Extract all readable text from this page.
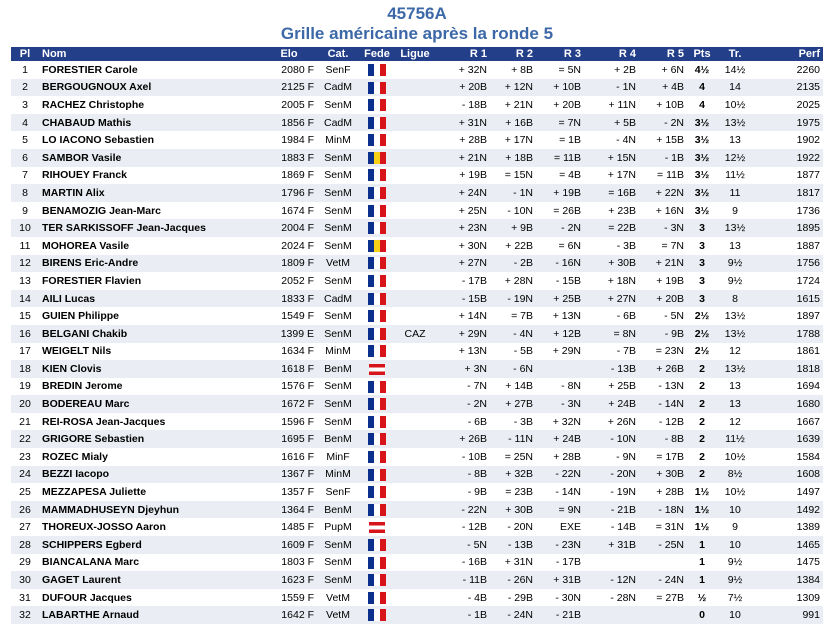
45756A
Grille américaine après la ronde 5
Pl	Nom	Elo	Cat.	Fede	Ligue	R 1	R 2	R 3	R 4	R 5	Pts	Tr.	Perf
1	FORESTIER Carole	2080 F	SenF			+ 32N	+ 8B	= 5N	+ 2B	+ 6N	4½	14½	2260
2	BERGOUGNOUX Axel	2125 F	CadM			+ 20B	+ 12N	+ 10B	- 1N	+ 4B	4	14	2135
3	RACHEZ Christophe	2005 F	SenM			- 18B	+ 21N	+ 20B	+ 11N	+ 10B	4	10½	2025
4	CHABAUD Mathis	1856 F	CadM			+ 31N	+ 16B	= 7N	+ 5B	- 2N	3½	13½	1975
5	LO IACONO Sebastien	1984 F	MinM			+ 28B	+ 17N	= 1B	- 4N	+ 15B	3½	13	1902
6	SAMBOR Vasile	1883 F	SenM			+ 21N	+ 18B	= 11B	+ 15N	- 1B	3½	12½	1922
7	RIHOUEY Franck	1869 F	SenM			+ 19B	= 15N	= 4B	+ 17N	= 11B	3½	11½	1877
8	MARTIN Alix	1796 F	SenM			+ 24N	- 1N	+ 19B	= 16B	+ 22N	3½	11	1817
9	BENAMOZIG Jean-Marc	1674 F	SenM			+ 25N	- 10N	= 26B	+ 23B	+ 16N	3½	9	1736
10	TER SARKISSOFF Jean-Jacques	2004 F	SenM			+ 23N	+ 9B	- 2N	= 22B	- 3N	3	13½	1895
11	MOHOREA Vasile	2024 F	SenM			+ 30N	+ 22B	= 6N	- 3B	= 7N	3	13	1887
12	BIRENS Eric-Andre	1809 F	VetM			+ 27N	- 2B	- 16N	+ 30B	+ 21N	3	9½	1756
13	FORESTIER Flavien	2052 F	SenM			- 17B	+ 28N	- 15B	+ 18N	+ 19B	3	9½	1724
14	AILI Lucas	1833 F	CadM			- 15B	- 19N	+ 25B	+ 27N	+ 20B	3	8	1615
15	GUIEN Philippe	1549 F	SenM			+ 14N	= 7B	+ 13N	- 6B	- 5N	2½	13½	1897
16	BELGANI Chakib	1399 E	SenM		CAZ	+ 29N	- 4N	+ 12B	= 8N	- 9B	2½	13½	1788
17	WEIGELT Nils	1634 F	MinM			+ 13N	- 5B	+ 29N	- 7B	= 23N	2½	12	1861
18	KIEN Clovis	1618 F	BenM			+ 3N	- 6N		- 13B	+ 26B	2	13½	1818
19	BREDIN Jerome	1576 F	SenM			- 7N	+ 14B	- 8N	+ 25B	- 13N	2	13	1694
20	BODEREAU Marc	1672 F	SenM			- 2N	+ 27B	- 3N	+ 24B	- 14N	2	13	1680
21	REI-ROSA Jean-Jacques	1596 F	SenM			- 6B	- 3B	+ 32N	+ 26N	- 12B	2	12	1667
22	GRIGORE Sebastien	1695 F	BenM			+ 26B	- 11N	+ 24B	- 10N	- 8B	2	11½	1639
23	ROZEC Mialy	1616 F	MinF			- 10B	= 25N	+ 28B	- 9N	= 17B	2	10½	1584
24	BEZZI Iacopo	1367 F	MinM			- 8B	+ 32B	- 22N	- 20N	+ 30B	2	8½	1608
25	MEZZAPESA Juliette	1357 F	SenF			- 9B	= 23B	- 14N	- 19N	+ 28B	1½	10½	1497
26	MAMMADHUSEYN Djeyhun	1364 F	BenM			- 22N	+ 30B	= 9N	- 21B	- 18N	1½	10	1492
27	THOREUX-JOSSO Aaron	1485 F	PupM			- 12B	- 20N	EXE	- 14B	= 31N	1½	9	1389
28	SCHIPPERS Egberd	1609 F	SenM			- 5N	- 13B	- 23N	+ 31B	- 25N	1	10	1465
29	BIANCALANA Marc	1803 F	SenM			- 16B	+ 31N	- 17B			1	9½	1475
30	GAGET Laurent	1623 F	SenM			- 11B	- 26N	+ 31B	- 12N	- 24N	1	9½	1384
31	DUFOUR Jacques	1559 F	VetM			- 4B	- 29B	- 30N	- 28N	= 27B	½	7½	1309
32	LABARTHE Arnaud	1642 F	VetM			- 1B	- 24N	- 21B			0	10	991
